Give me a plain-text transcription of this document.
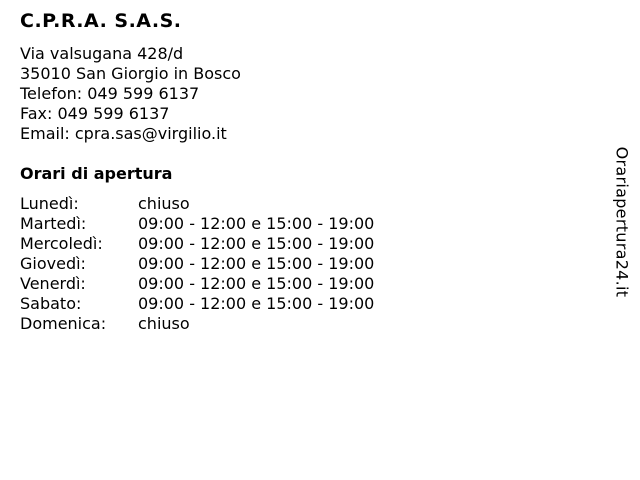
C.P.R.A. S.A.S.
Via valsugana 428/d
35010 San Giorgio in Bosco
Telefon: 049 599 6137
Fax: 049 599 6137
Email: cpra.sas@virgilio.it
Orari di apertura
Lunedì:	chiuso
Martedì:	09:00 - 12:00 e 15:00 - 19:00
Mercoledì:	09:00 - 12:00 e 15:00 - 19:00
Giovedì:	09:00 - 12:00 e 15:00 - 19:00
Venerdì:	09:00 - 12:00 e 15:00 - 19:00
Sabato:	09:00 - 12:00 e 15:00 - 19:00
Domenica:	chiuso
Orariapertura24.it
